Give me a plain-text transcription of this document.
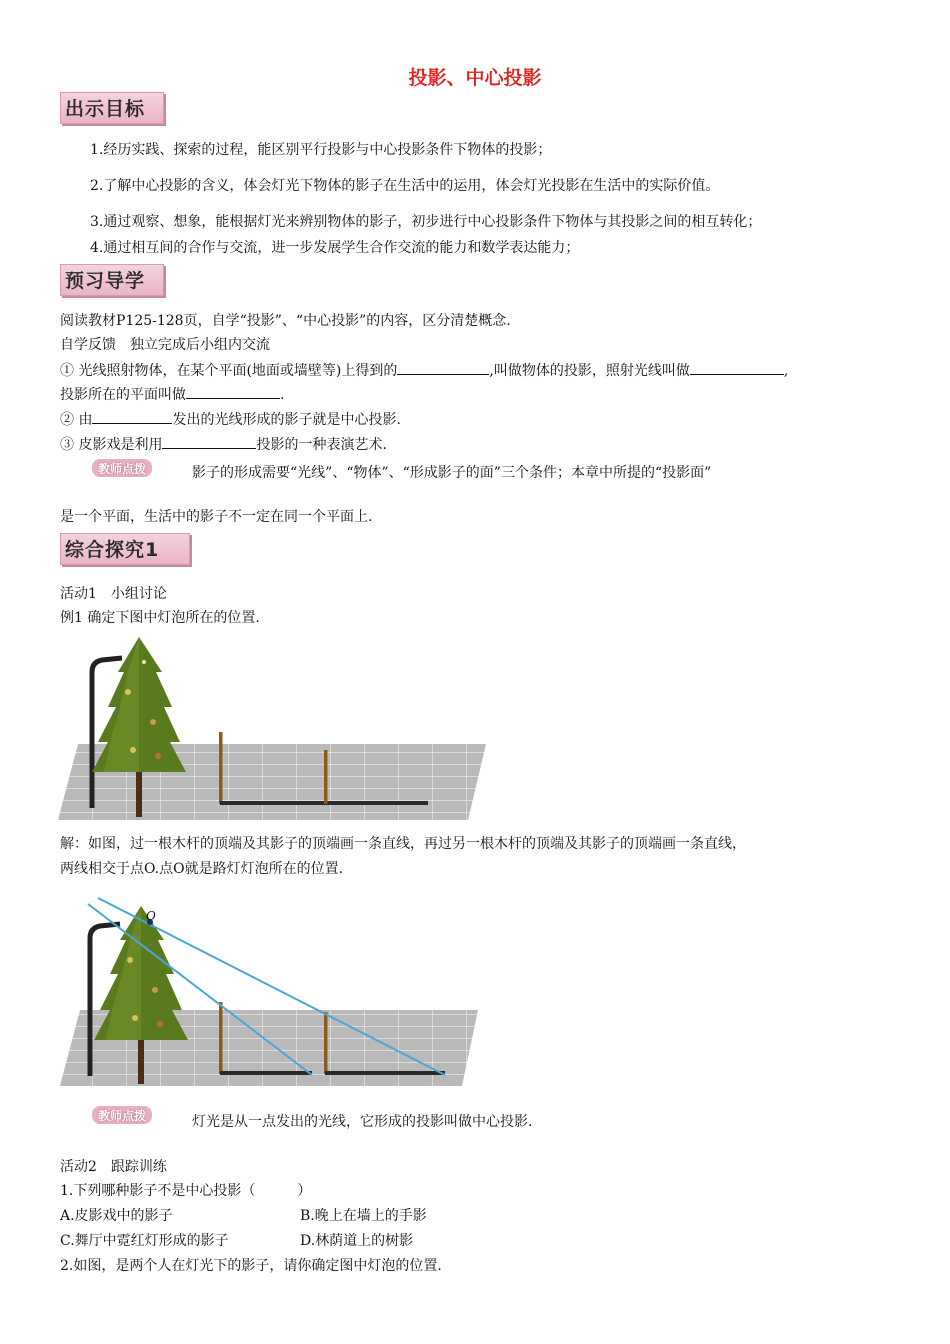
投影、中心投影
出示目标
1.经历实践、探索的过程，能区别平行投影与中心投影条件下物体的投影；
2.了解中心投影的含义，体会灯光下物体的影子在生活中的运用，体会灯光投影在生活中的实际价值。
3.通过观察、想象，能根据灯光来辨别物体的影子，初步进行中心投影条件下物体与其投影之间的相互转化；
4.通过相互间的合作与交流，进一步发展学生合作交流的能力和数学表达能力；
预习导学
阅读教材P125-128页，自学“投影”、“中心投影”的内容，区分清楚概念.
自学反馈　独立完成后小组内交流
① 光线照射物体，在某个平面(地面或墙壁等)上得到的	,叫做物体的投影，照射光线叫做	,
投影所在的平面叫做	.
② 由	发出的光线形成的影子就是中心投影.
③ 皮影戏是利用	投影的一种表演艺术.
教师点拨	影子的形成需要“光线”、“物体”、“形成影子的面”三个条件；本章中所提的“投影面”
是一个平面，生活中的影子不一定在同一个平面上.
综合探究1
活动1　小组讨论
例1 确定下图中灯泡所在的位置.
解：如图，过一根木杆的顶端及其影子的顶端画一条直线，再过另一根木杆的顶端及其影子的顶端画一条直线，
两线相交于点O.点O就是路灯灯泡所在的位置.
O
教师点拨	灯光是从一点发出的光线，它形成的投影叫做中心投影.
活动2　跟踪训练
1.下列哪种影子不是中心投影（　　　）
A.皮影戏中的影子	B.晚上在墙上的手影
C.舞厅中霓红灯形成的影子	D.林荫道上的树影
2.如图，是两个人在灯光下的影子，请你确定图中灯泡的位置.
